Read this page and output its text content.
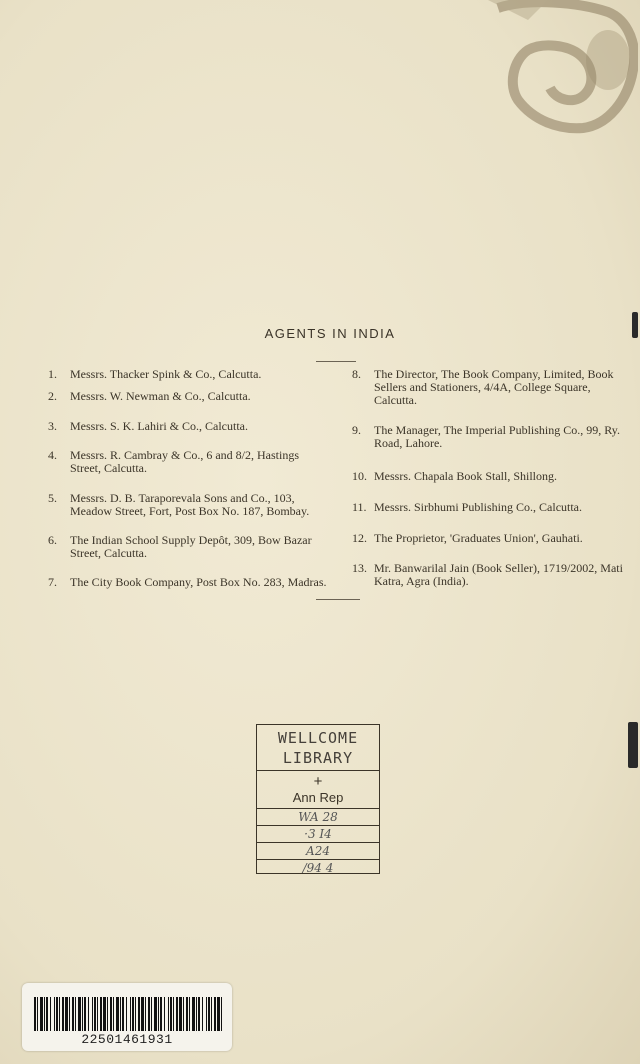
AGENTS IN INDIA
1. Messrs. Thacker Spink & Co., Calcutta.
2. Messrs. W. Newman & Co., Calcutta.
3. Messrs. S. K. Lahiri & Co., Calcutta.
4. Messrs. R. Cambray & Co., 6 and 8/2, Hastings Street, Calcutta.
5. Messrs. D. B. Taraporevala Sons and Co., 103, Meadow Street, Fort, Post Box No. 187, Bombay.
6. The Indian School Supply Depôt, 309, Bow Bazar Street, Calcutta.
7. The City Book Company, Post Box No. 283, Madras.
8. The Director, The Book Company, Limited, Book Sellers and Stationers, 4/4A, College Square, Calcutta.
9. The Manager, The Imperial Publishing Co., 99, Ry. Road, Lahore.
10. Messrs. Chapala Book Stall, Shillong.
11. Messrs. Sirbhumi Publishing Co., Calcutta.
12. The Proprietor, 'Graduates Union', Gauhati.
13. Mr. Banwarilal Jain (Book Seller), 1719/2002, Mati Katra, Agra (India).
WELLCOME
LIBRARY
+
Ann Rep
WA 28
·3 I4
A24
/94 4
22501461931
